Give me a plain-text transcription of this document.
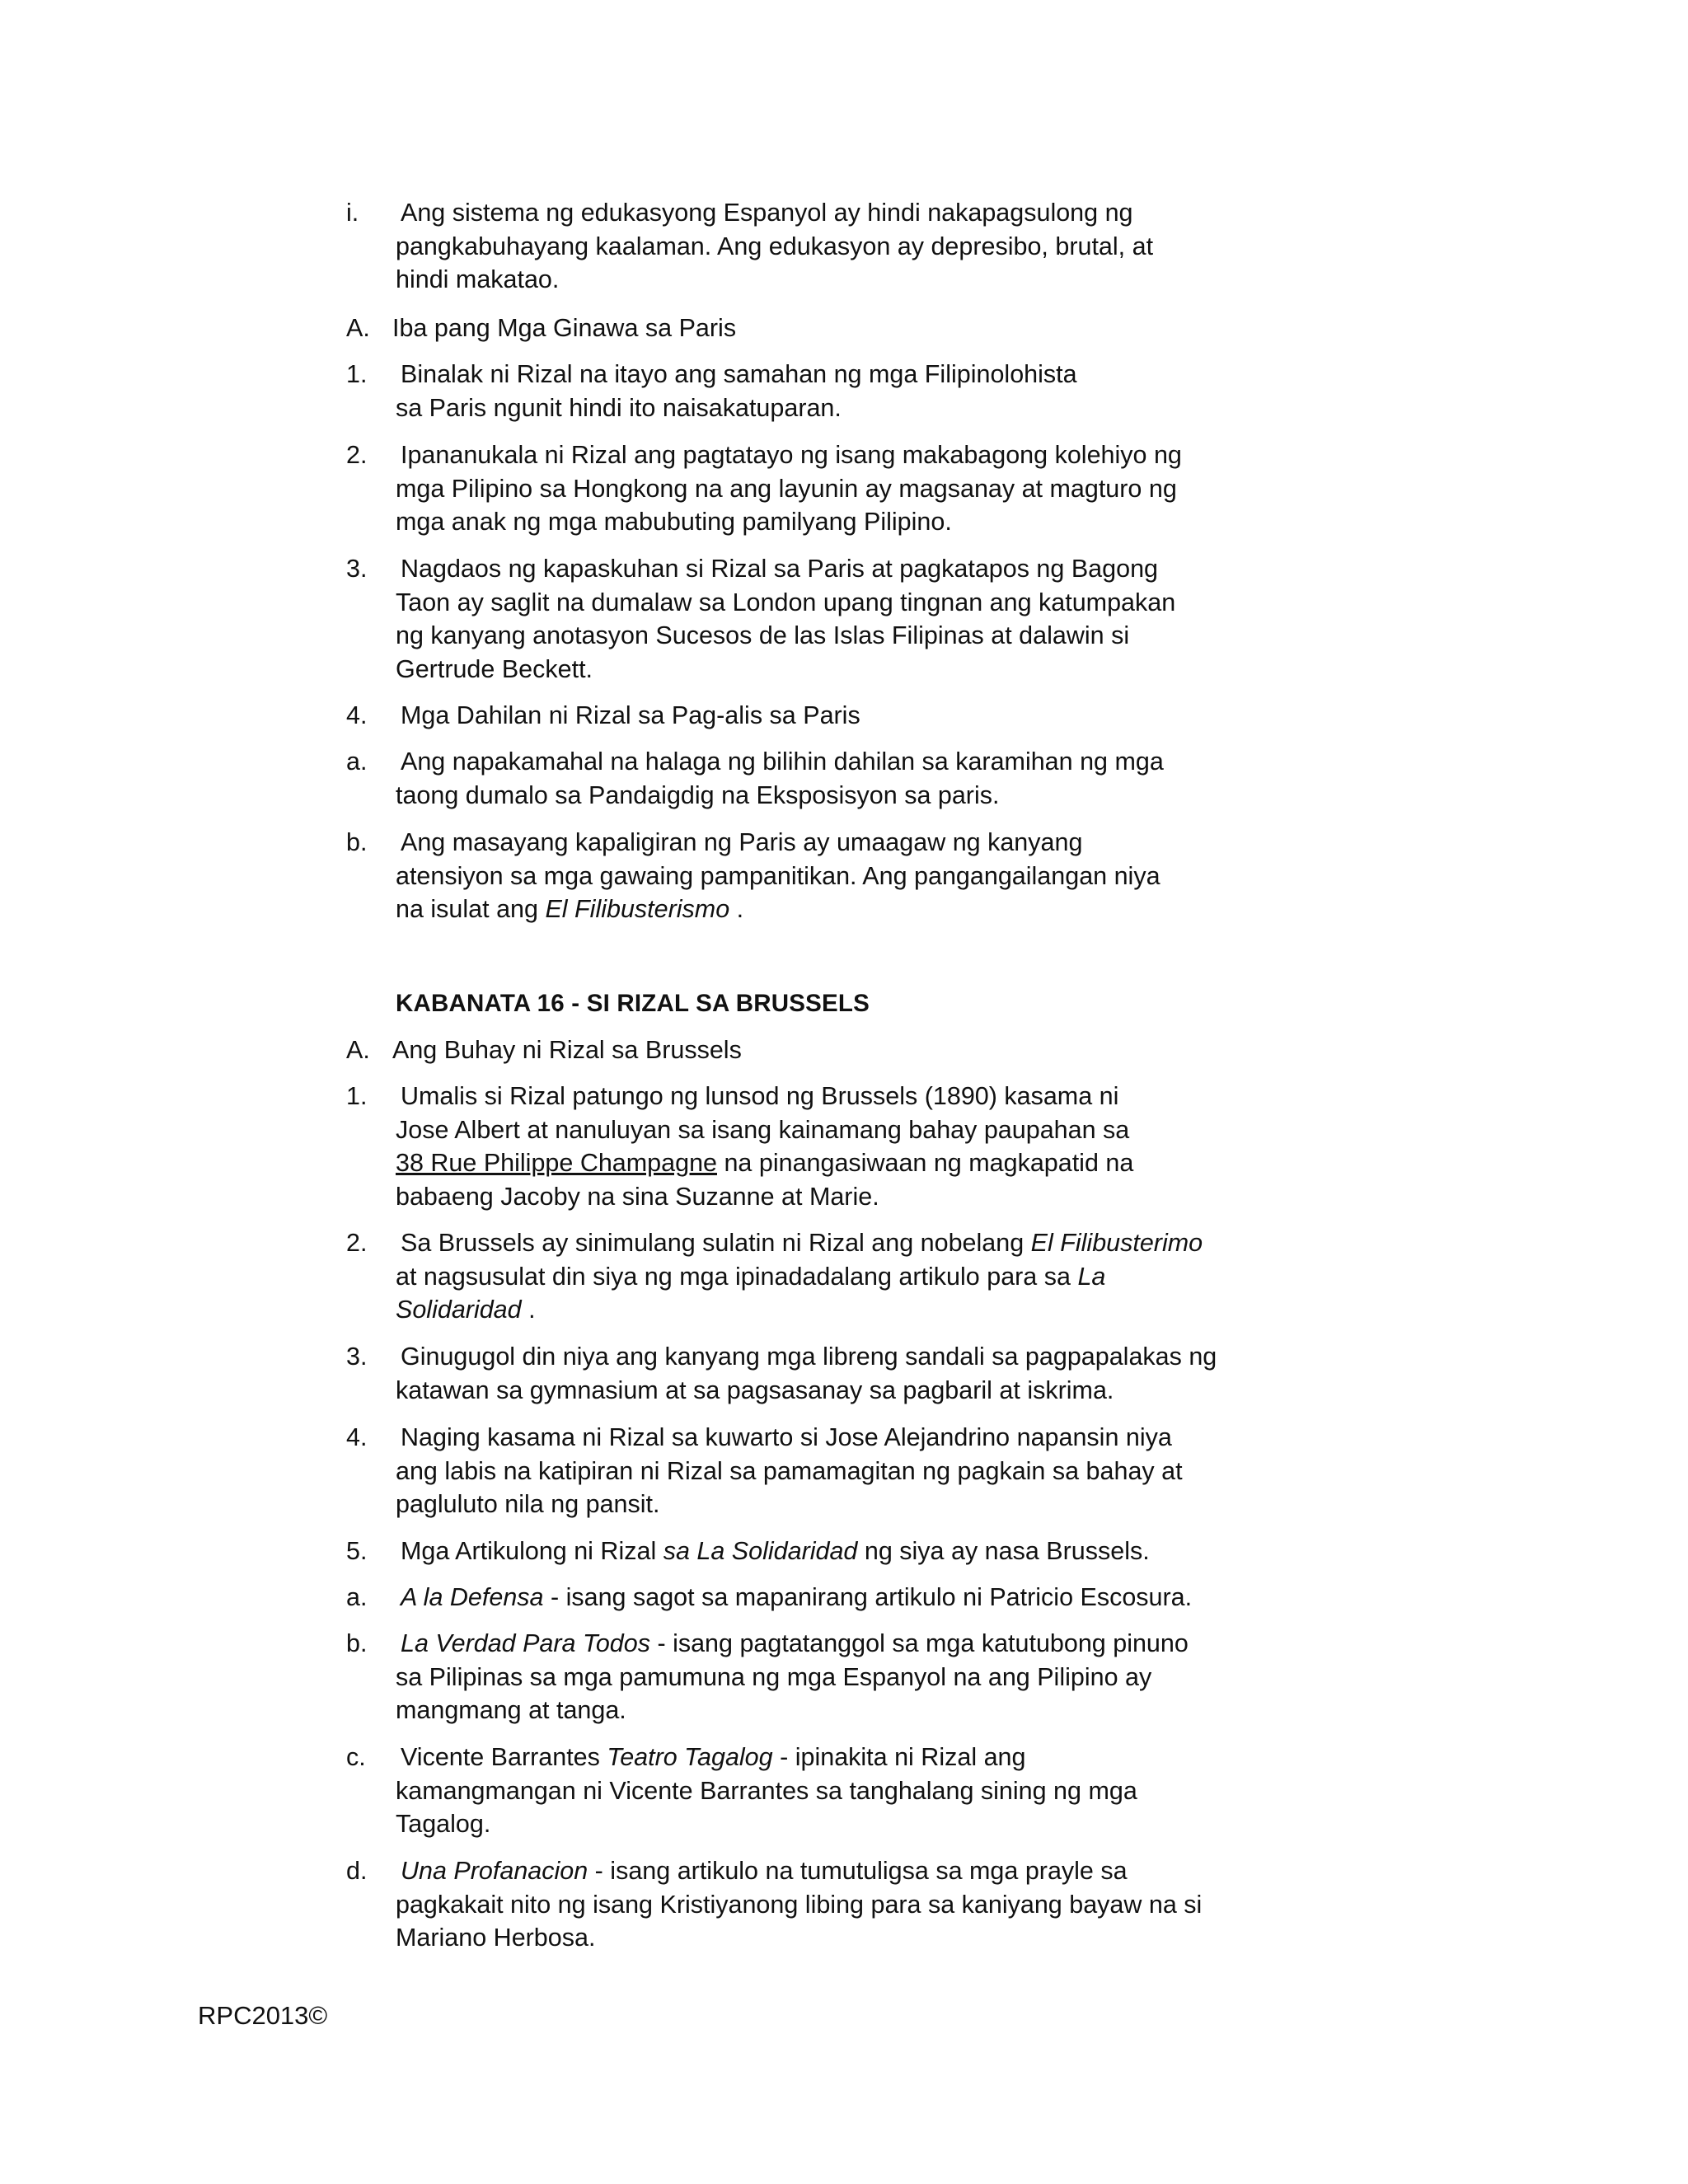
i. Ang sistema ng edukasyong Espanyol ay hindi nakapagsulong ng pangkabuhayang kaalaman. Ang edukasyon ay depresibo, brutal, at hindi makatao.
A. Iba pang Mga Ginawa sa Paris
1. Binalak ni Rizal na itayo ang samahan ng mga Filipinolohista sa Paris ngunit hindi ito naisakatuparan.
2. Ipananukala ni Rizal ang pagtatayo ng isang makabagong kolehiyo ng mga Pilipino sa Hongkong na ang layunin ay magsanay at magturo ng mga anak ng mga mabubuting pamilyang Pilipino.
3. Nagdaos ng kapaskuhan si Rizal sa Paris at pagkatapos ng Bagong Taon ay saglit na dumalaw sa London upang tingnan ang katumpakan ng kanyang anotasyon Sucesos de las Islas Filipinas at dalawin si Gertrude Beckett.
4. Mga Dahilan ni Rizal sa Pag-alis sa Paris
a. Ang napakamahal na halaga ng bilihin dahilan sa karamihan ng mga taong dumalo sa Pandaigdig na Eksposisyon sa paris.
b. Ang masayang kapaligiran ng Paris ay umaagaw ng kanyang atensiyon sa mga gawaing pampanitikan. Ang pangangailangan niya na isulat ang El Filibusterismo .
KABANATA 16 - SI RIZAL SA BRUSSELS
A. Ang Buhay ni Rizal sa Brussels
1. Umalis si Rizal patungo ng lunsod ng Brussels (1890) kasama ni Jose Albert at nanuluyan sa isang kainamang bahay paupahan sa 38 Rue Philippe Champagne na pinangasiwaan ng magkapatid na babaeng Jacoby na sina Suzanne at Marie.
2. Sa Brussels ay sinimulang sulatin ni Rizal ang nobelang El Filibusterimo at nagsusulat din siya ng mga ipinadadalang artikulo para sa La Solidaridad .
3. Ginugugol din niya ang kanyang mga libreng sandali sa pagpapalakas ng katawan sa gymnasium at sa pagsasanay sa pagbaril at iskrima.
4. Naging kasama ni Rizal sa kuwarto si Jose Alejandrino napansin niya ang labis na katipiran ni Rizal sa pamamagitan ng pagkain sa bahay at pagluluto nila ng pansit.
5. Mga Artikulong ni Rizal sa La Solidaridad ng siya ay nasa Brussels.
a. A la Defensa - isang sagot sa mapanirang artikulo ni Patricio Escosura.
b. La Verdad Para Todos - isang pagtatanggol sa mga katutubong pinuno sa Pilipinas sa mga pamumuna ng mga Espanyol na ang Pilipino ay mangmang at tanga.
c. Vicente Barrantes Teatro Tagalog - ipinakita ni Rizal ang kamangmangan ni Vicente Barrantes sa tanghalang sining ng mga Tagalog.
d. Una Profanacion - isang artikulo na tumutuligsa sa mga prayle sa pagkakait nito ng isang Kristiyanong libing para sa kaniyang bayaw na si Mariano Herbosa.
RPC2013©
